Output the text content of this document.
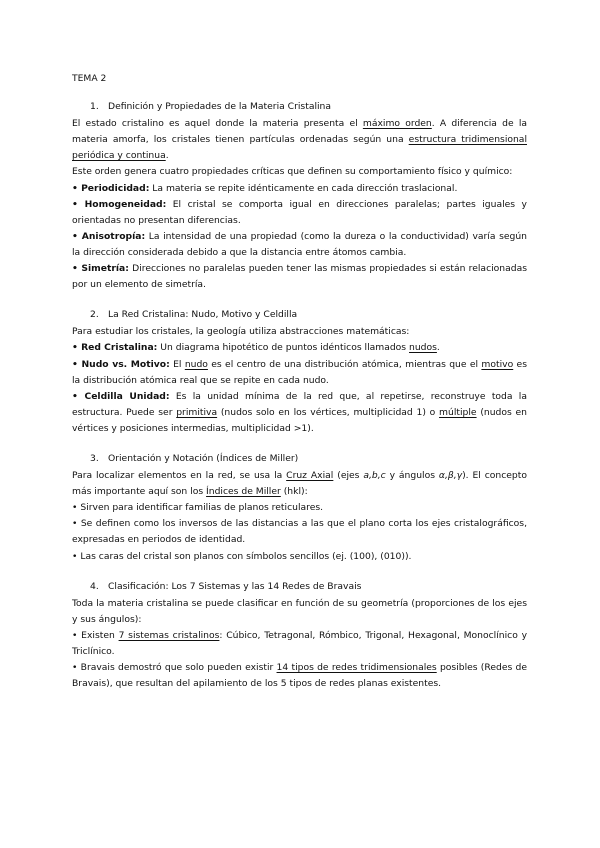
TEMA 2

1. Definición y Propiedades de la Materia Cristalina

El estado cristalino es aquel donde la materia presenta el máximo orden. A diferencia de la materia amorfa, los cristales tienen partículas ordenadas según una estructura tridimensional periódica y continua.

Este orden genera cuatro propiedades críticas que definen su comportamiento físico y químico:

• Periodicidad: La materia se repite idénticamente en cada dirección traslacional.

• Homogeneidad: El cristal se comporta igual en direcciones paralelas; partes iguales y orientadas no presentan diferencias.

• Anisotropía: La intensidad de una propiedad (como la dureza o la conductividad) varía según la dirección considerada debido a que la distancia entre átomos cambia.

• Simetría: Direcciones no paralelas pueden tener las mismas propiedades si están relacionadas por un elemento de simetría.

2. La Red Cristalina: Nudo, Motivo y Celdilla

Para estudiar los cristales, la geología utiliza abstracciones matemáticas:

• Red Cristalina: Un diagrama hipotético de puntos idénticos llamados nudos.

• Nudo vs. Motivo: El nudo es el centro de una distribución atómica, mientras que el motivo es la distribución atómica real que se repite en cada nudo.

• Celdilla Unidad: Es la unidad mínima de la red que, al repetirse, reconstruye toda la estructura. Puede ser primitiva (nudos solo en los vértices, multiplicidad 1) o múltiple (nudos en vértices y posiciones intermedias, multiplicidad >1).

3. Orientación y Notación (Índices de Miller)

Para localizar elementos en la red, se usa la Cruz Axial (ejes a,b,c y ángulos α,β,γ). El concepto más importante aquí son los Índices de Miller (hkl):

• Sirven para identificar familias de planos reticulares.

• Se definen como los inversos de las distancias a las que el plano corta los ejes cristalográficos, expresadas en periodos de identidad.

• Las caras del cristal son planos con símbolos sencillos (ej. (100), (010)).

4. Clasificación: Los 7 Sistemas y las 14 Redes de Bravais

Toda la materia cristalina se puede clasificar en función de su geometría (proporciones de los ejes y sus ángulos):

• Existen 7 sistemas cristalinos: Cúbico, Tetragonal, Rómbico, Trigonal, Hexagonal, Monoclínico y Triclínico.

• Bravais demostró que solo pueden existir 14 tipos de redes tridimensionales posibles (Redes de Bravais), que resultan del apilamiento de los 5 tipos de redes planas existentes.
